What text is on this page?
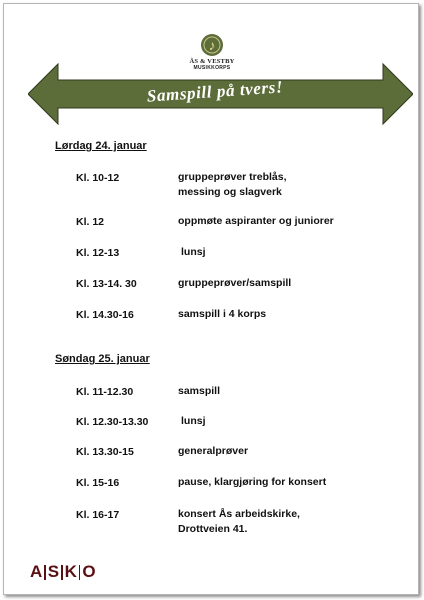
♪
ÅS & VESTBY
MUSIKKORPS
Samspill på tvers!
Lørdag 24. januar
Kl. 10-12	gruppeprøver treblås,
messing og slagverk
Kl. 12	oppmøte aspiranter og juniorer
Kl. 12-13	lunsj
Kl. 13-14. 30	gruppeprøver/samspill
Kl. 14.30-16	samspill i 4 korps
Søndag 25. januar
Kl. 11-12.30	samspill
Kl. 12.30-13.30	lunsj
Kl. 13.30-15	generalprøver
Kl. 15-16	pause, klargjøring for konsert
Kl. 16-17	konsert Ås arbeidskirke,
Drottveien 41.
A S K O
